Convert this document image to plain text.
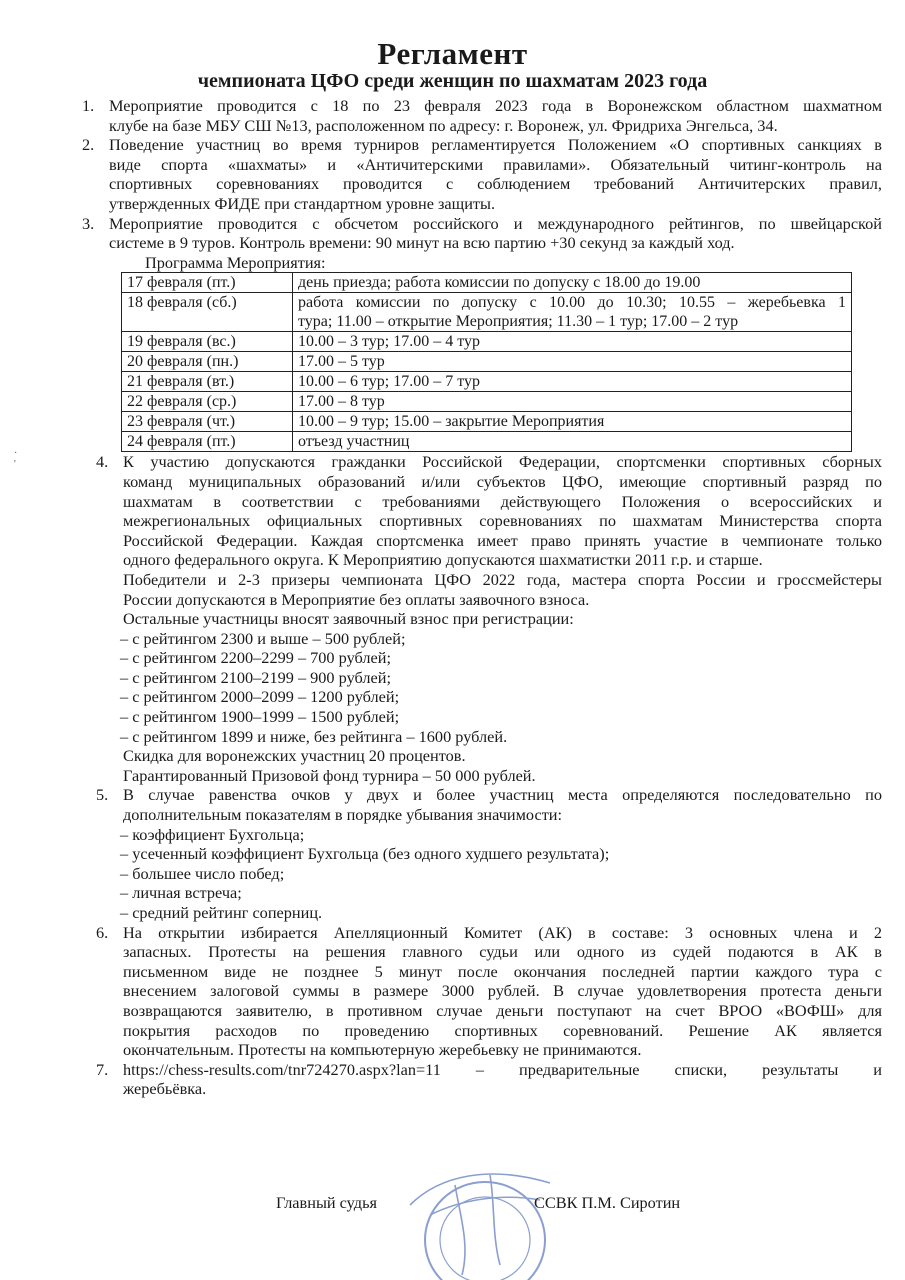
Регламент
чемпионата ЦФО среди женщин по шахматам 2023 года
1. Мероприятие проводится с 18 по 23 февраля 2023 года в Воронежском областном шахматном
клубе на базе МБУ СШ №13, расположенном по адресу: г. Воронеж, ул. Фридриха Энгельса, 34.
2. Поведение участниц во время турниров регламентируется Положением «О спортивных санкциях в
виде спорта «шахматы» и «Античитерскими правилами». Обязательный читинг-контроль на
спортивных соревнованиях проводится с соблюдением требований Античитерских правил,
утвержденных ФИДЕ при стандартном уровне защиты.
3. Мероприятие проводится с обсчетом российского и международного рейтингов, по швейцарской
системе в 9 туров. Контроль времени: 90 минут на всю партию +30 секунд за каждый ход.
Программа Мероприятия:
17 февраля (пт.)	день приезда; работа комиссии по допуску с 18.00 до 19.00

18 февраля (сб.)	работа комиссии по допуску с 10.00 до 10.30; 10.55 – жеребьевка 1
тура; 11.00 – открытие Мероприятия; 11.30 – 1 тур; 17.00 – 2 тур

19 февраля (вс.)	10.00 – 3 тур; 17.00 – 4 тур

20 февраля (пн.)	17.00 – 5 тур

21 февраля (вт.)	10.00 – 6 тур; 17.00 – 7 тур

22 февраля (ср.)	17.00 – 8 тур

23 февраля (чт.)	10.00 – 9 тур; 15.00 – закрытие Мероприятия

24 февраля (пт.)	отъезд участниц
4. К участию допускаются гражданки Российской Федерации, спортсменки спортивных сборных
команд муниципальных образований и/или субъектов ЦФО, имеющие спортивный разряд по
шахматам в соответствии с требованиями действующего Положения о всероссийских и
межрегиональных официальных спортивных соревнованиях по шахматам Министерства спорта
Российской Федерации. Каждая спортсменка имеет право принять участие в чемпионате только
одного федерального округа. К Мероприятию допускаются шахматистки 2011 г.р. и старше.
Победители и 2-3 призеры чемпионата ЦФО 2022 года, мастера спорта России и гроссмейстеры
России допускаются в Мероприятие без оплаты заявочного взноса.
Остальные участницы вносят заявочный взнос при регистрации:
– с рейтингом 2300 и выше – 500 рублей;
– с рейтингом 2200–2299 – 700 рублей;
– с рейтингом 2100–2199 – 900 рублей;
– с рейтингом 2000–2099 – 1200 рублей;
– с рейтингом 1900–1999 – 1500 рублей;
– с рейтингом 1899 и ниже, без рейтинга – 1600 рублей.
Скидка для воронежских участниц 20 процентов.
Гарантированный Призовой фонд турнира – 50 000 рублей.
5. В случае равенства очков у двух и более участниц места определяются последовательно по
дополнительным показателям в порядке убывания значимости:
– коэффициент Бухгольца;
– усеченный коэффициент Бухгольца (без одного худшего результата);
– большее число побед;
– личная встреча;
– средний рейтинг соперниц.
6. На открытии избирается Апелляционный Комитет (АК) в составе: 3 основных члена и 2
запасных. Протесты на решения главного судьи или одного из судей подаются в АК в
письменном виде не позднее 5 минут после окончания последней партии каждого тура с
внесением залоговой суммы в размере 3000 рублей. В случае удовлетворения протеста деньги
возвращаются заявителю, в противном случае деньги поступают на счет ВРОО «ВОФШ» для
покрытия расходов по проведению спортивных соревнований. Решение АК является
окончательным. Протесты на компьютерную жеребьевку не принимаются.
7. https://chess-results.com/tnr724270.aspx?lan=11 – предварительные списки, результаты и
жеребьёвка.
Главный судья	ССВК П.М. Сиротин
·
'
